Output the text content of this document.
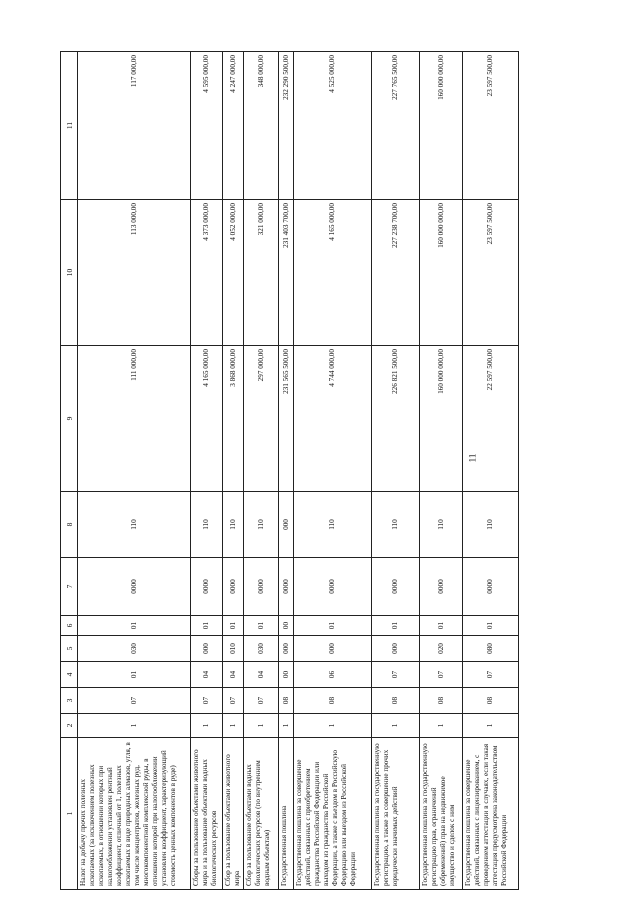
11
1	2	3	4	5	6	7	8	9	10	11
Налог на добычу прочих полезных ископаемых (за исключением полезных ископаемых, в отношении которых при налогообложении установлен рентный коэффициент, отличный от 1, полезных ископаемых в виде природных алмазов, угля, в том числе концентратов, железных руд, многокомпонентной комплексной руды, в отношении которой при налогообложении установлен коэффициент, характеризующий стоимость ценных компонентов в руде)	1	07	01	030	01	0000	110	111 000,00	113 000,00	117 000,00
Сборы за пользование объектами животного мира и за пользование объектами водных биологических ресурсов	1	07	04	000	01	0000	110	4 165 000,00	4 373 000,00	4 595 000,00
Сбор за пользование объектами животного мира	1	07	04	010	01	0000	110	3 868 000,00	4 052 000,00	4 247 000,00
Сбор за пользование объектами водных биологических ресурсов (по внутренним водным объектам)	1	07	04	030	01	0000	110	297 000,00	321 000,00	348 000,00
Государственная пошлина	1	08	00	000	00	0000	000	231 565 500,00	231 403 700,00	232 290 500,00
Государственная пошлина за совершение действий, связанных с приобретением гражданства Российской Федерации или выходом из гражданства Российской Федерации, а также с въездом в Российскую Федерацию или выездом из Российской Федерации	1	08	06	000	01	0000	110	4 744 000,00	4 165 000,00	4 525 000,00
Государственная пошлина за государственную регистрацию, а также за совершение прочих юридически значимых действий	1	08	07	000	01	0000	110	226 821 500,00	227 238 700,00	227 765 500,00
Государственная пошлина за государственную регистрацию прав, ограничений (обременений) прав на недвижимое имущество и сделок с ним	1	08	07	020	01	0000	110	160 000 000,00	160 000 000,00	160 000 000,00
Государственная пошлина за совершение действий, связанных с лицензированием, с проведением аттестации в случаях, если такая аттестация предусмотрена законодательством Российской Федерации	1	08	07	080	01	0000	110	22 597 500,00	23 597 500,00	23 597 500,00
